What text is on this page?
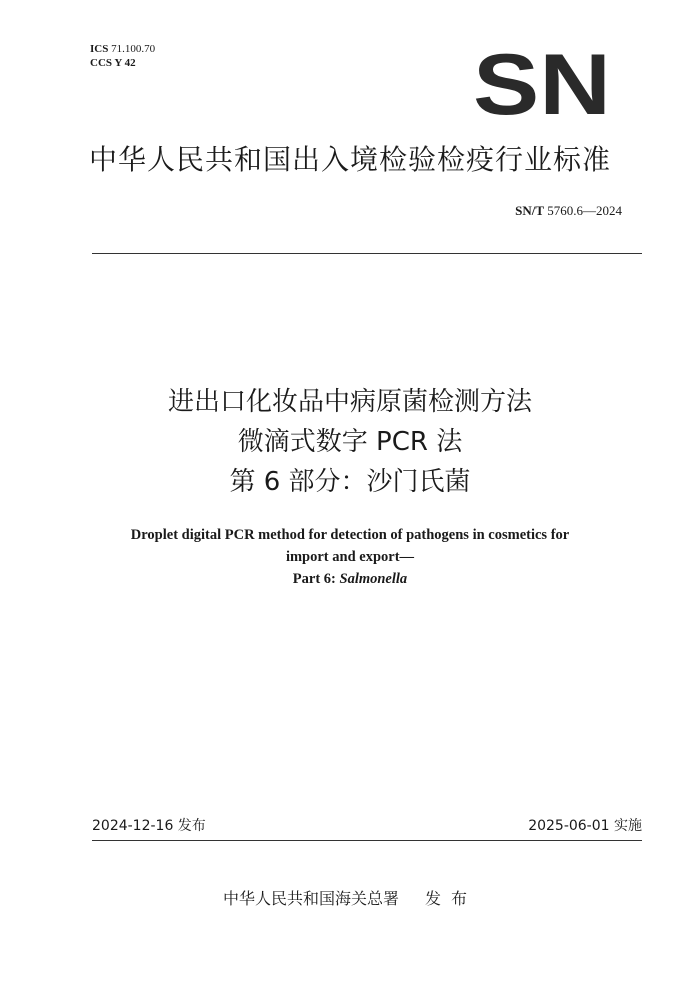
ICS 71.100.70
CCS Y 42	SN
中华人民共和国出入境检验检疫行业标准
SN/T 5760.6—2024
进出口化妆品中病原菌检测方法
微滴式数字 PCR 法
第 6 部分：沙门氏菌
Droplet digital PCR method for detection of pathogens in cosmetics for
import and export—
Part 6: Salmonella
2024-12-16 发布	2025-06-01 实施
中华人民共和国海关总署 发布
